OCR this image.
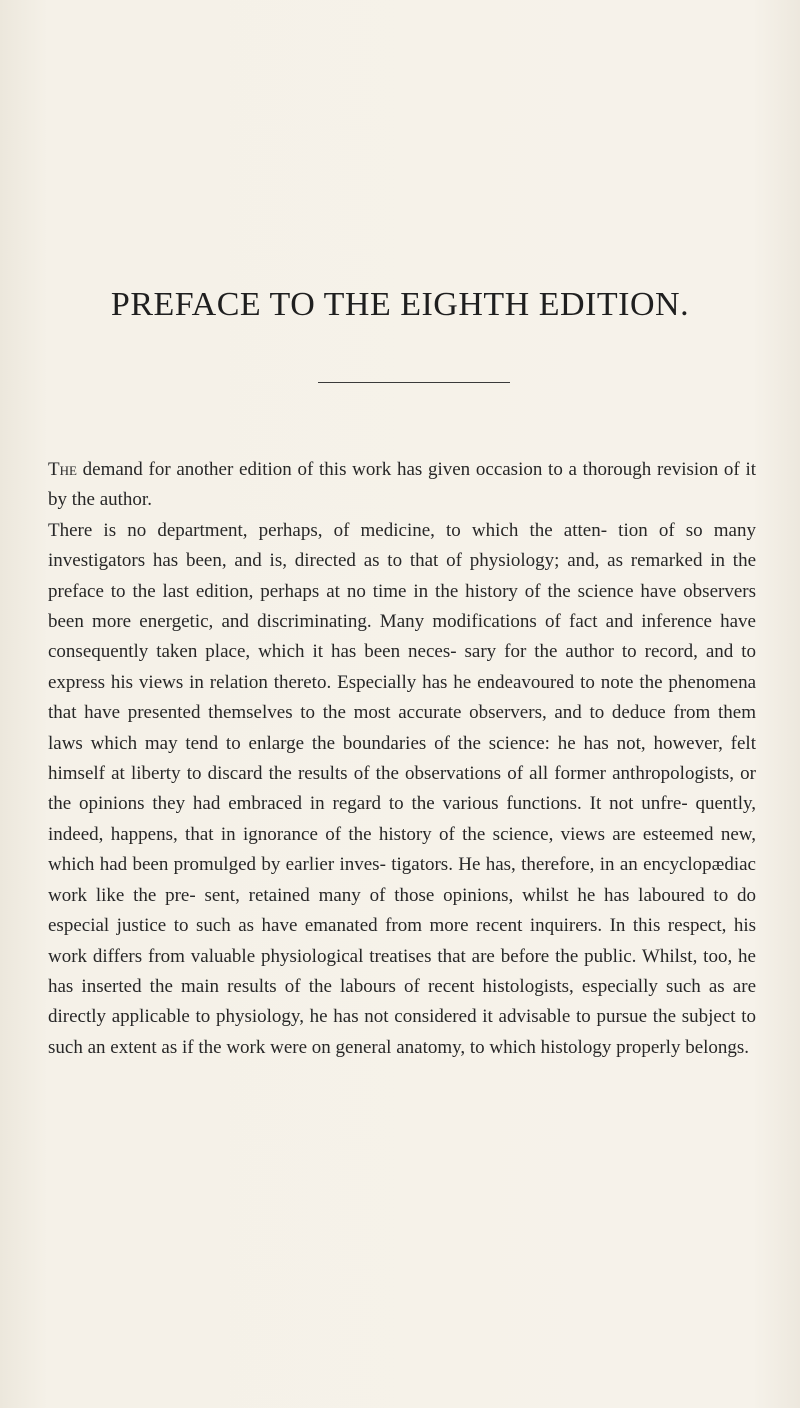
PREFACE TO THE EIGHTH EDITION.

The demand for another edition of this work has given occasion to a thorough revision of it by the author.

There is no department, perhaps, of medicine, to which the atten- tion of so many investigators has been, and is, directed as to that of physiology; and, as remarked in the preface to the last edition, perhaps at no time in the history of the science have observers been more energetic, and discriminating. Many modifications of fact and inference have consequently taken place, which it has been neces- sary for the author to record, and to express his views in relation thereto. Especially has he endeavoured to note the phenomena that have presented themselves to the most accurate observers, and to deduce from them laws which may tend to enlarge the boundaries of the science: he has not, however, felt himself at liberty to discard the results of the observations of all former anthropologists, or the opinions they had embraced in regard to the various functions. It not unfre- quently, indeed, happens, that in ignorance of the history of the science, views are esteemed new, which had been promulged by earlier inves- tigators. He has, therefore, in an encyclopædiac work like the pre- sent, retained many of those opinions, whilst he has laboured to do especial justice to such as have emanated from more recent inquirers. In this respect, his work differs from valuable physiological treatises that are before the public. Whilst, too, he has inserted the main results of the labours of recent histologists, especially such as are directly applicable to physiology, he has not considered it advisable to pursue the subject to such an extent as if the work were on general anatomy, to which histology properly belongs.
